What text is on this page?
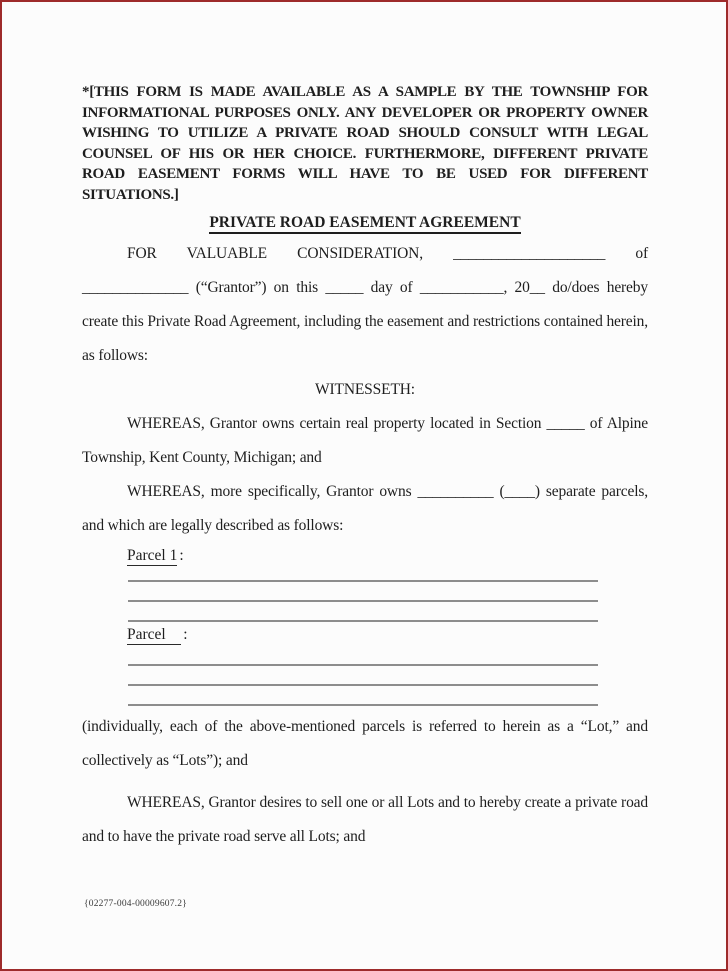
*[THIS FORM IS MADE AVAILABLE AS A SAMPLE BY THE TOWNSHIP FOR INFORMATIONAL PURPOSES ONLY. ANY DEVELOPER OR PROPERTY OWNER WISHING TO UTILIZE A PRIVATE ROAD SHOULD CONSULT WITH LEGAL COUNSEL OF HIS OR HER CHOICE. FURTHERMORE, DIFFERENT PRIVATE ROAD EASEMENT FORMS WILL HAVE TO BE USED FOR DIFFERENT SITUATIONS.]

PRIVATE ROAD EASEMENT AGREEMENT

FOR VALUABLE CONSIDERATION, ____________________ of ______________ (“Grantor”) on this _____ day of ___________, 20__ do/does hereby create this Private Road Agreement, including the easement and restrictions contained herein, as follows:

WITNESSETH:

WHEREAS, Grantor owns certain real property located in Section _____ of Alpine Township, Kent County, Michigan; and

WHEREAS, more specifically, Grantor owns __________ (____) separate parcels, and which are legally described as follows:

Parcel 1 :
Parcel    :

(individually, each of the above-mentioned parcels is referred to herein as a “Lot,” and collectively as “Lots”); and

WHEREAS, Grantor desires to sell one or all Lots and to hereby create a private road and to have the private road serve all Lots; and

{02277-004-00009607.2}
